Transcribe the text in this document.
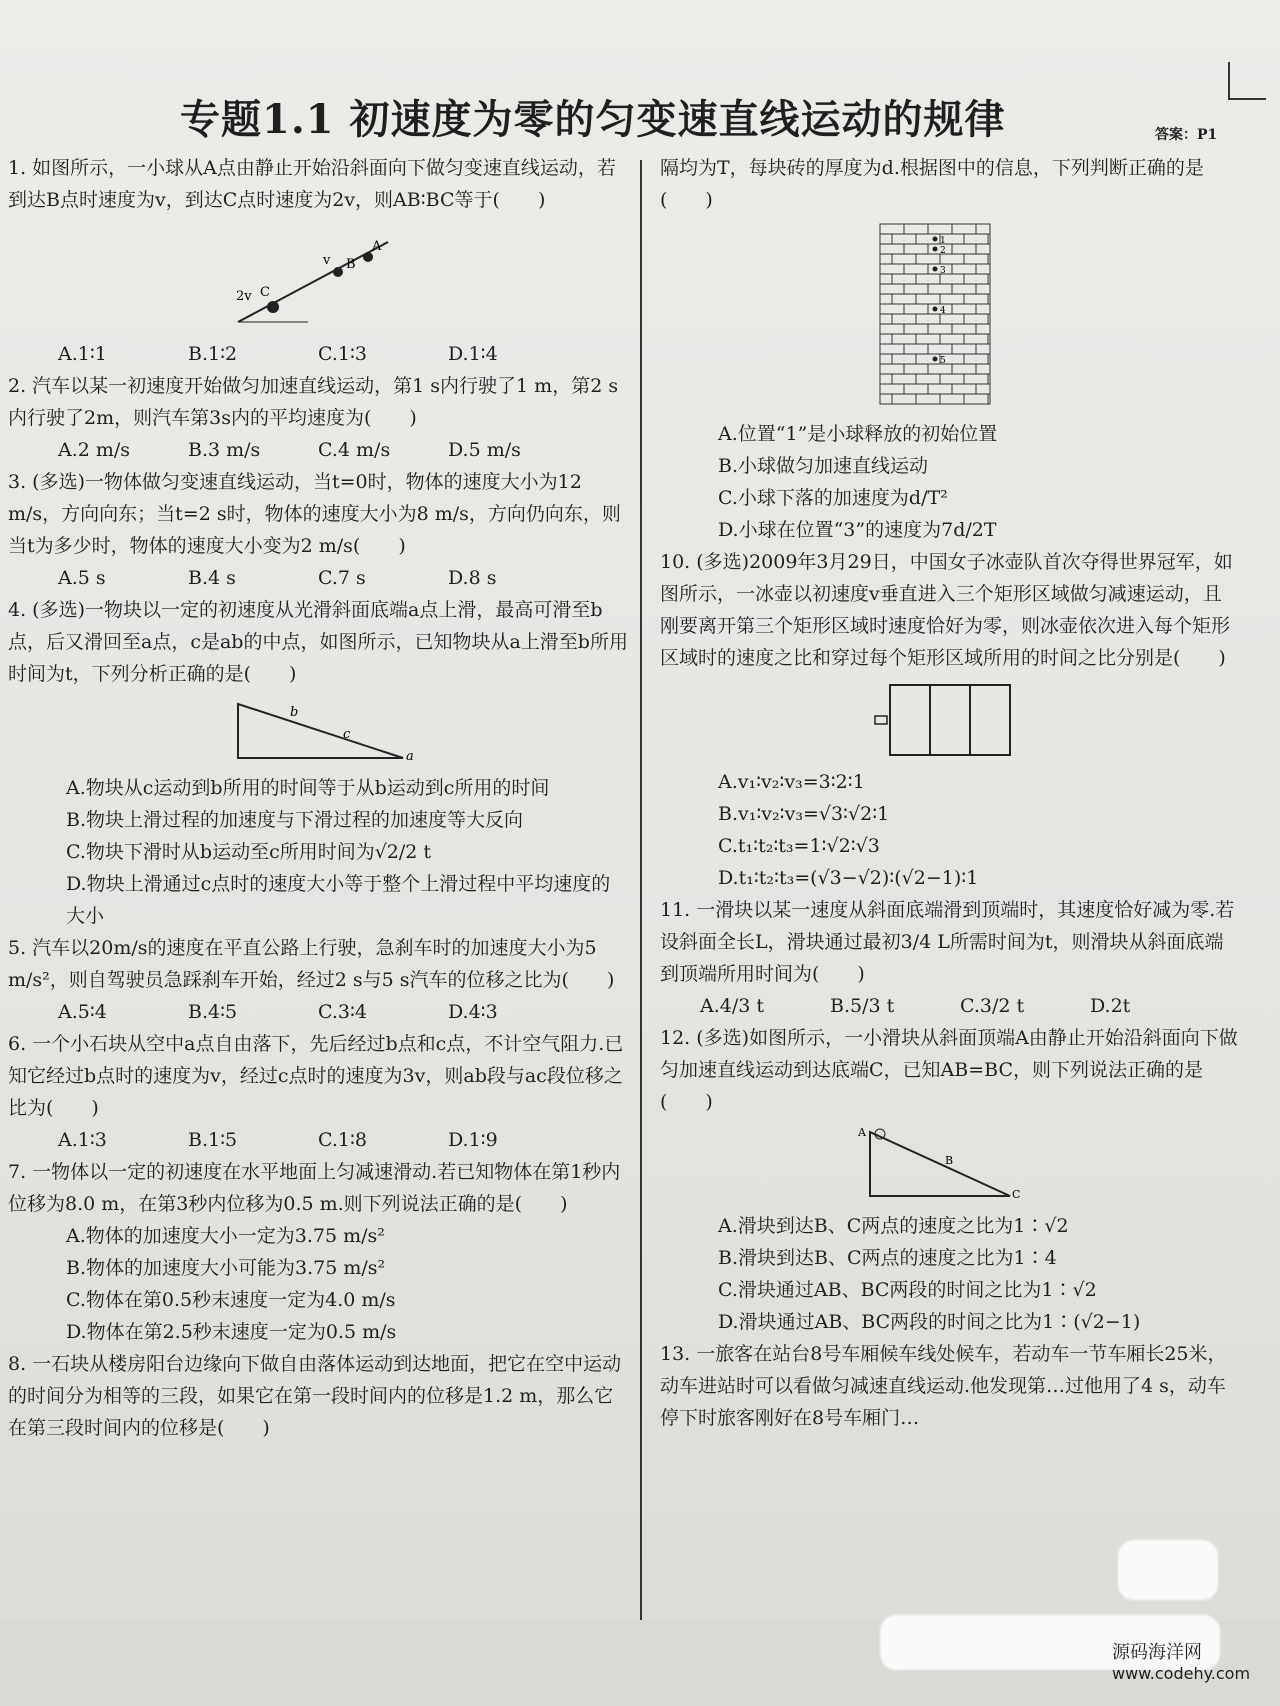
专题1.1 初速度为零的匀变速直线运动的规律	答案：P1
1. 如图所示，一小球从A点由静止开始沿斜面向下做匀变速直线运动，若到达B点时速度为v，到达C点时速度为2v，则AB∶BC等于(　　)
2v C
v B
A
A.1∶1	B.1∶2	C.1∶3	D.1∶4
2. 汽车以某一初速度开始做匀加速直线运动，第1 s内行驶了1 m，第2 s内行驶了2m，则汽车第3s内的平均速度为(　　)
A.2 m/s	B.3 m/s	C.4 m/s	D.5 m/s
3. (多选)一物体做匀变速直线运动，当t=0时，物体的速度大小为12 m/s，方向向东；当t=2 s时，物体的速度大小为8 m/s，方向仍向东，则当t为多少时，物体的速度大小变为2 m/s(　　)
A.5 s	B.4 s	C.7 s	D.8 s
4. (多选)一物块以一定的初速度从光滑斜面底端a点上滑，最高可滑至b点，后又滑回至a点，c是ab的中点，如图所示，已知物块从a上滑至b所用时间为t，下列分析正确的是(　　)
b
c
a
A.物块从c运动到b所用的时间等于从b运动到c所用的时间
B.物块上滑过程的加速度与下滑过程的加速度等大反向
C.物块下滑时从b运动至c所用时间为√2/2 t
D.物块上滑通过c点时的速度大小等于整个上滑过程中平均速度的大小
5. 汽车以20m/s的速度在平直公路上行驶，急刹车时的加速度大小为5 m/s²，则自驾驶员急踩刹车开始，经过2 s与5 s汽车的位移之比为(　　)
A.5∶4	B.4∶5	C.3∶4	D.4∶3
6. 一个小石块从空中a点自由落下，先后经过b点和c点，不计空气阻力.已知它经过b点时的速度为v，经过c点时的速度为3v，则ab段与ac段位移之比为(　　)
A.1∶3	B.1∶5	C.1∶8	D.1∶9
7. 一物体以一定的初速度在水平地面上匀减速滑动.若已知物体在第1秒内位移为8.0 m，在第3秒内位移为0.5 m.则下列说法正确的是(　　)
A.物体的加速度大小一定为3.75 m/s²
B.物体的加速度大小可能为3.75 m/s²
C.物体在第0.5秒末速度一定为4.0 m/s
D.物体在第2.5秒末速度一定为0.5 m/s
8. 一石块从楼房阳台边缘向下做自由落体运动到达地面，把它在空中运动的时间分为相等的三段，如果它在第一段时间内的位移是1.2 m，那么它在第三段时间内的位移是(　　)
隔均为T，每块砖的厚度为d.根据图中的信息，下列判断正确的是(　　)
1
2
3
4
5
A.位置“1”是小球释放的初始位置
B.小球做匀加速直线运动
C.小球下落的加速度为d/T²
D.小球在位置“3”的速度为7d/2T
10. (多选)2009年3月29日，中国女子冰壶队首次夺得世界冠军，如图所示，一冰壶以初速度v垂直进入三个矩形区域做匀减速运动，且刚要离开第三个矩形区域时速度恰好为零，则冰壶依次进入每个矩形区域时的速度之比和穿过每个矩形区域所用的时间之比分别是(　　)
A.v₁∶v₂∶v₃=3∶2∶1
B.v₁∶v₂∶v₃=√3∶√2∶1
C.t₁∶t₂∶t₃=1∶√2∶√3
D.t₁∶t₂∶t₃=(√3−√2)∶(√2−1)∶1
11. 一滑块以某一速度从斜面底端滑到顶端时，其速度恰好减为零.若设斜面全长L，滑块通过最初3/4 L所需时间为t，则滑块从斜面底端到顶端所用时间为(　　)
A.4/3 t	B.5/3 t	C.3/2 t	D.2t
12. (多选)如图所示，一小滑块从斜面顶端A由静止开始沿斜面向下做匀加速直线运动到达底端C，已知AB=BC，则下列说法正确的是(　　)
A
B
C
A.滑块到达B、C两点的速度之比为1∶√2
B.滑块到达B、C两点的速度之比为1∶4
C.滑块通过AB、BC两段的时间之比为1∶√2
D.滑块通过AB、BC两段的时间之比为1∶(√2−1)
13. 一旅客在站台8号车厢候车线处候车，若动车一节车厢长25米，动车进站时可以看做匀减速直线运动.他发现第…过他用了4 s，动车停下时旅客刚好在8号车厢门…
源码海洋网
www.codehy.com
